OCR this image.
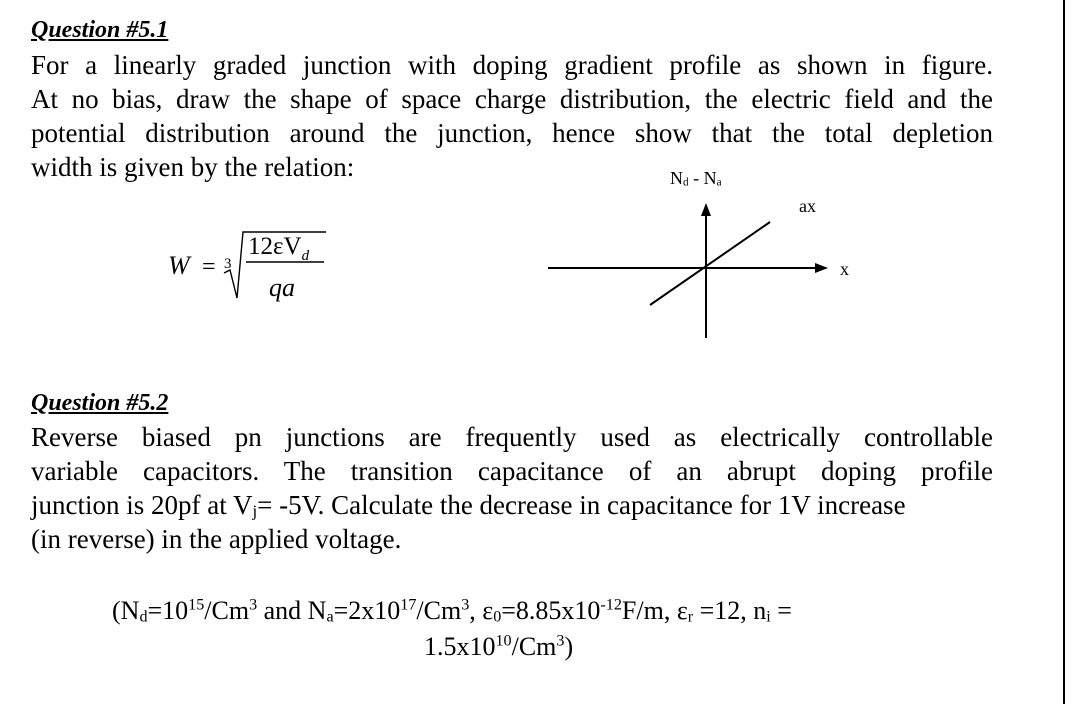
Question #5.1
For a linearly graded junction with doping gradient profile as shown in figure.
At no bias, draw the shape of space charge distribution, the electric field and the
potential distribution around the junction, hence show that the total depletion
width is given by the relation:
W = 3
$12\varepsilon V_d$
qa
$N_d - N_a$
ax
x
Question #5.2
Reverse biased pn junctions are frequently used as electrically controllable
variable capacitors. The transition capacitance of an abrupt doping profile
junction is 20pf at $V_j= -5V$. Calculate the decrease in capacitance for 1V increase
(in reverse) in the applied voltage.
($N_d=10^{15}/Cm^3$ and $N_a=2x10^{17}/Cm^3$, $\varepsilon_0=8.85x10^{-12}F/m$, $\varepsilon_r =12$, $n_i$ =
$1.5x10^{10}/Cm^3$)
